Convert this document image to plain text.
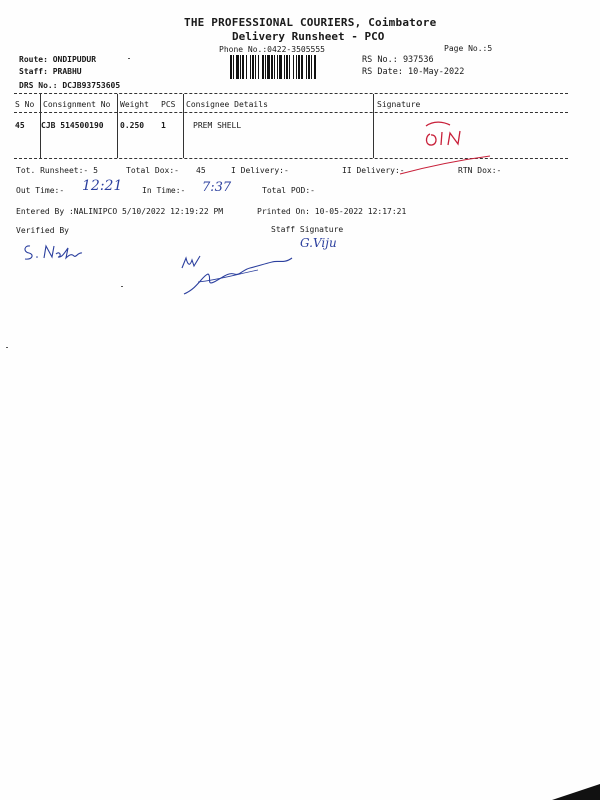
THE PROFESSIONAL COURIERS, Coimbatore
Delivery Runsheet - PCO
Phone No.:0422-3505555	Page No.:5
Route: ONDIPUDUR
Staff: PRABHU
DRS No.: DCJB93753605
RS No.: 937536
RS Date: 10-May-2022
S No Consignment No Weight PCS Consignee Details	Signature
45 CJB 514500190 0.250 1	PREM SHELL
Tot. Runsheet:- 5	Total Dox:- 45	I Delivery:-	II Delivery:-	RTN Dox:-
Out Time:- 12:21 In Time:- 7:37	Total POD:-
Entered By :NALINIPCO 5/10/2022 12:19:22 PM	Printed On: 10-05-2022 12:17:21
Verified By	Staff Signature
G.Viju
